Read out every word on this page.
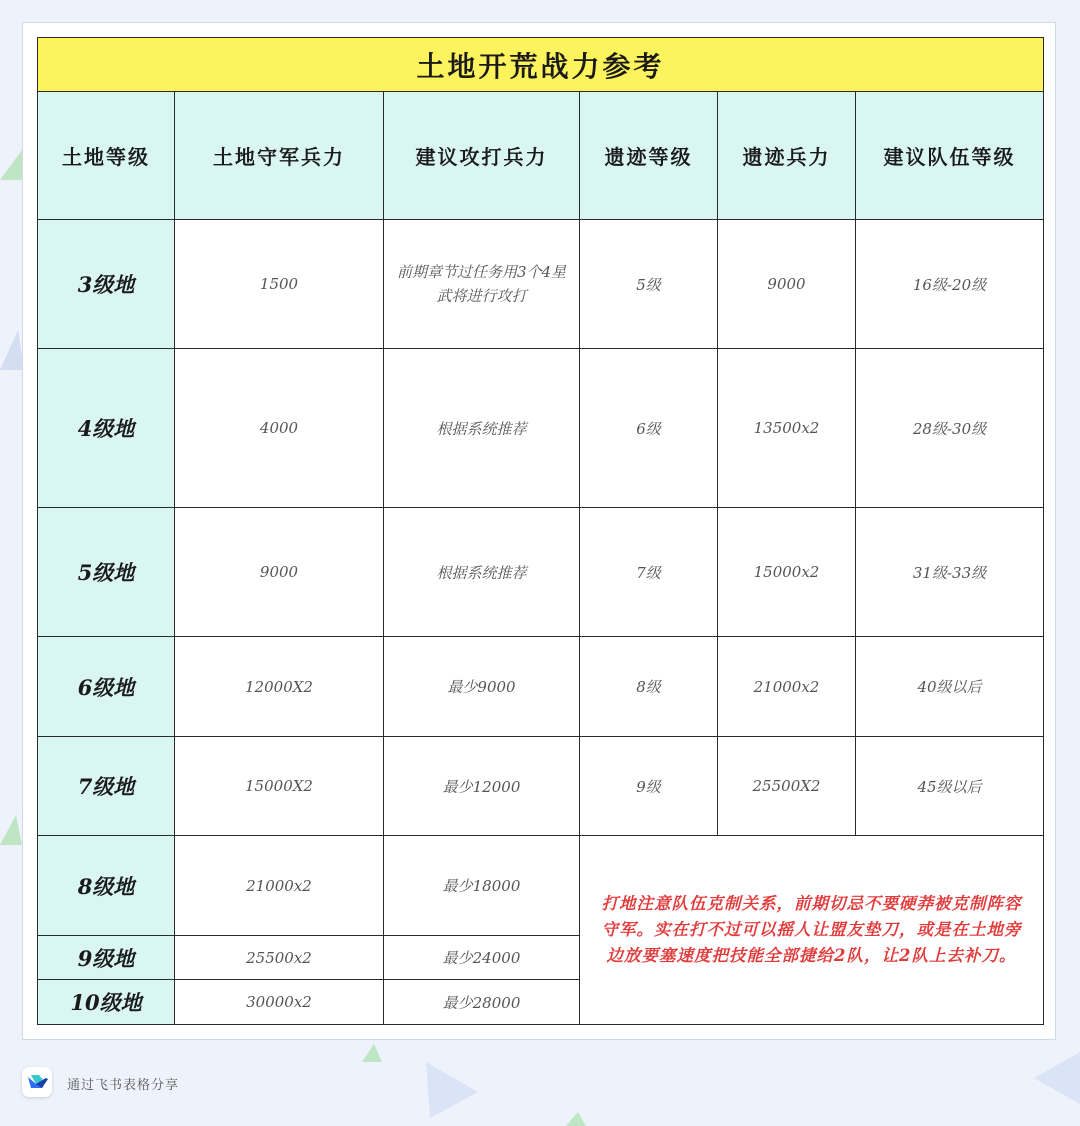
土地开荒战力参考					
土地等级	土地守军兵力	建议攻打兵力	遗迹等级	遗迹兵力	建议队伍等级
3级地	1500	前期章节过任务用3个4星武将进行攻打	5级	9000	16级-20级
4级地	4000	根据系统推荐	6级	13500x2	28级-30级
5级地	9000	根据系统推荐	7级	15000x2	31级-33级
6级地	12000X2	最少9000	8级	21000x2	40级以后
7级地	15000X2	最少12000	9级	25500X2	45级以后
8级地	21000x2	最少18000	打地注意队伍克制关系，前期切忌不要硬莽被克制阵容守军。实在打不过可以摇人让盟友垫刀，或是在土地旁边放要塞速度把技能全部捷给2队，让2队上去补刀。		
9级地	25500x2	最少24000			
10级地	30000x2	最少28000			
通过飞书表格分享
